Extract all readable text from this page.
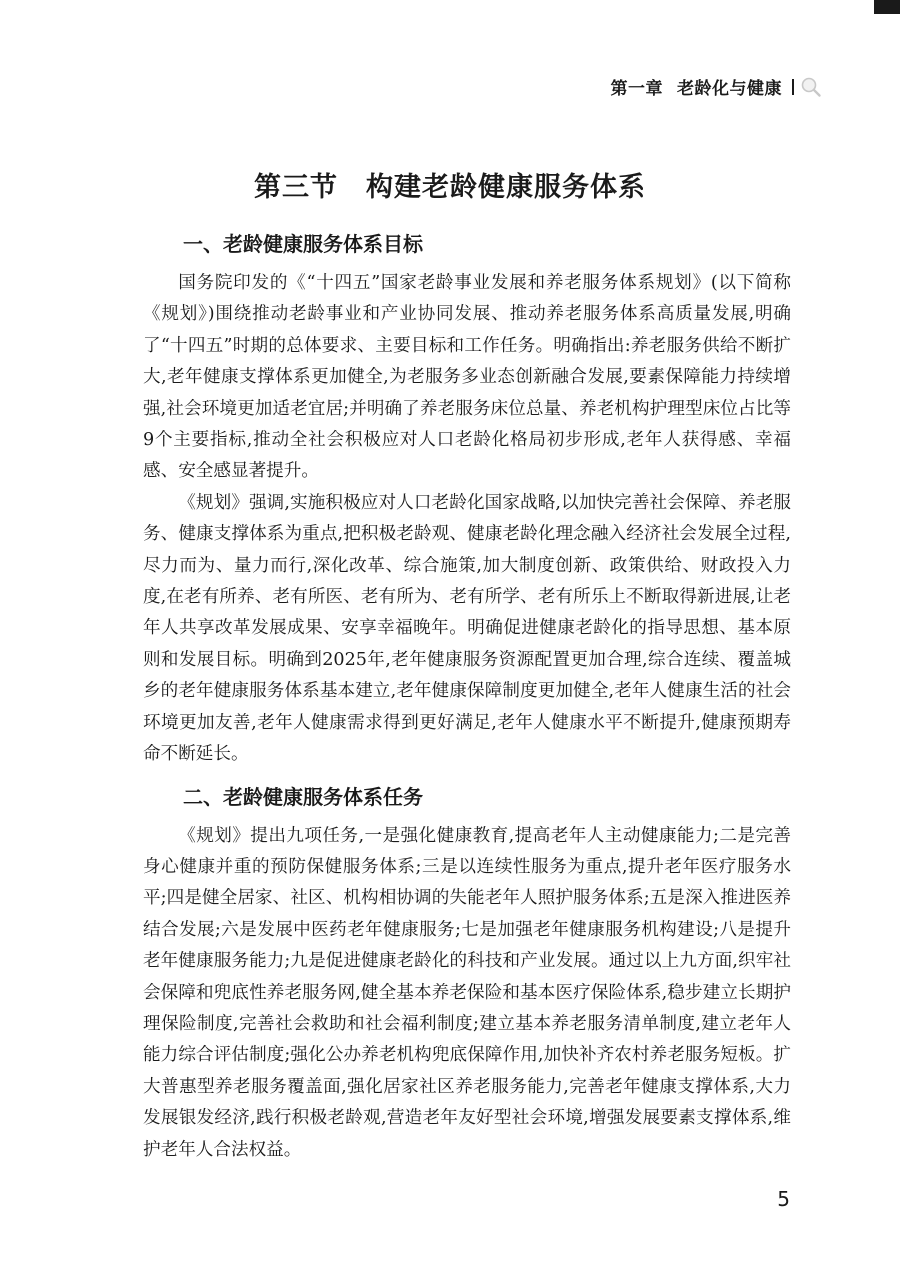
第一章 老龄化与健康
第三节 构建老龄健康服务体系
一、老龄健康服务体系目标

国务院印发的《“十四五”国家老龄事业发展和养老服务体系规划》(以下简称《规划》)围绕推动老龄事业和产业协同发展、推动养老服务体系高质量发展,明确了“十四五”时期的总体要求、主要目标和工作任务。明确指出:养老服务供给不断扩大,老年健康支撑体系更加健全,为老服务多业态创新融合发展,要素保障能力持续增强,社会环境更加适老宜居;并明确了养老服务床位总量、养老机构护理型床位占比等9个主要指标,推动全社会积极应对人口老龄化格局初步形成,老年人获得感、幸福感、安全感显著提升。

《规划》强调,实施积极应对人口老龄化国家战略,以加快完善社会保障、养老服务、健康支撑体系为重点,把积极老龄观、健康老龄化理念融入经济社会发展全过程,尽力而为、量力而行,深化改革、综合施策,加大制度创新、政策供给、财政投入力度,在老有所养、老有所医、老有所为、老有所学、老有所乐上不断取得新进展,让老年人共享改革发展成果、安享幸福晚年。明确促进健康老龄化的指导思想、基本原则和发展目标。明确到2025年,老年健康服务资源配置更加合理,综合连续、覆盖城乡的老年健康服务体系基本建立,老年健康保障制度更加健全,老年人健康生活的社会环境更加友善,老年人健康需求得到更好满足,老年人健康水平不断提升,健康预期寿命不断延长。

二、老龄健康服务体系任务

《规划》提出九项任务,一是强化健康教育,提高老年人主动健康能力;二是完善身心健康并重的预防保健服务体系;三是以连续性服务为重点,提升老年医疗服务水平;四是健全居家、社区、机构相协调的失能老年人照护服务体系;五是深入推进医养结合发展;六是发展中医药老年健康服务;七是加强老年健康服务机构建设;八是提升老年健康服务能力;九是促进健康老龄化的科技和产业发展。通过以上九方面,织牢社会保障和兜底性养老服务网,健全基本养老保险和基本医疗保险体系,稳步建立长期护理保险制度,完善社会救助和社会福利制度;建立基本养老服务清单制度,建立老年人能力综合评估制度;强化公办养老机构兜底保障作用,加快补齐农村养老服务短板。扩大普惠型养老服务覆盖面,强化居家社区养老服务能力,完善老年健康支撑体系,大力发展银发经济,践行积极老龄观,营造老年友好型社会环境,增强发展要素支撑体系,维护老年人合法权益。

5
